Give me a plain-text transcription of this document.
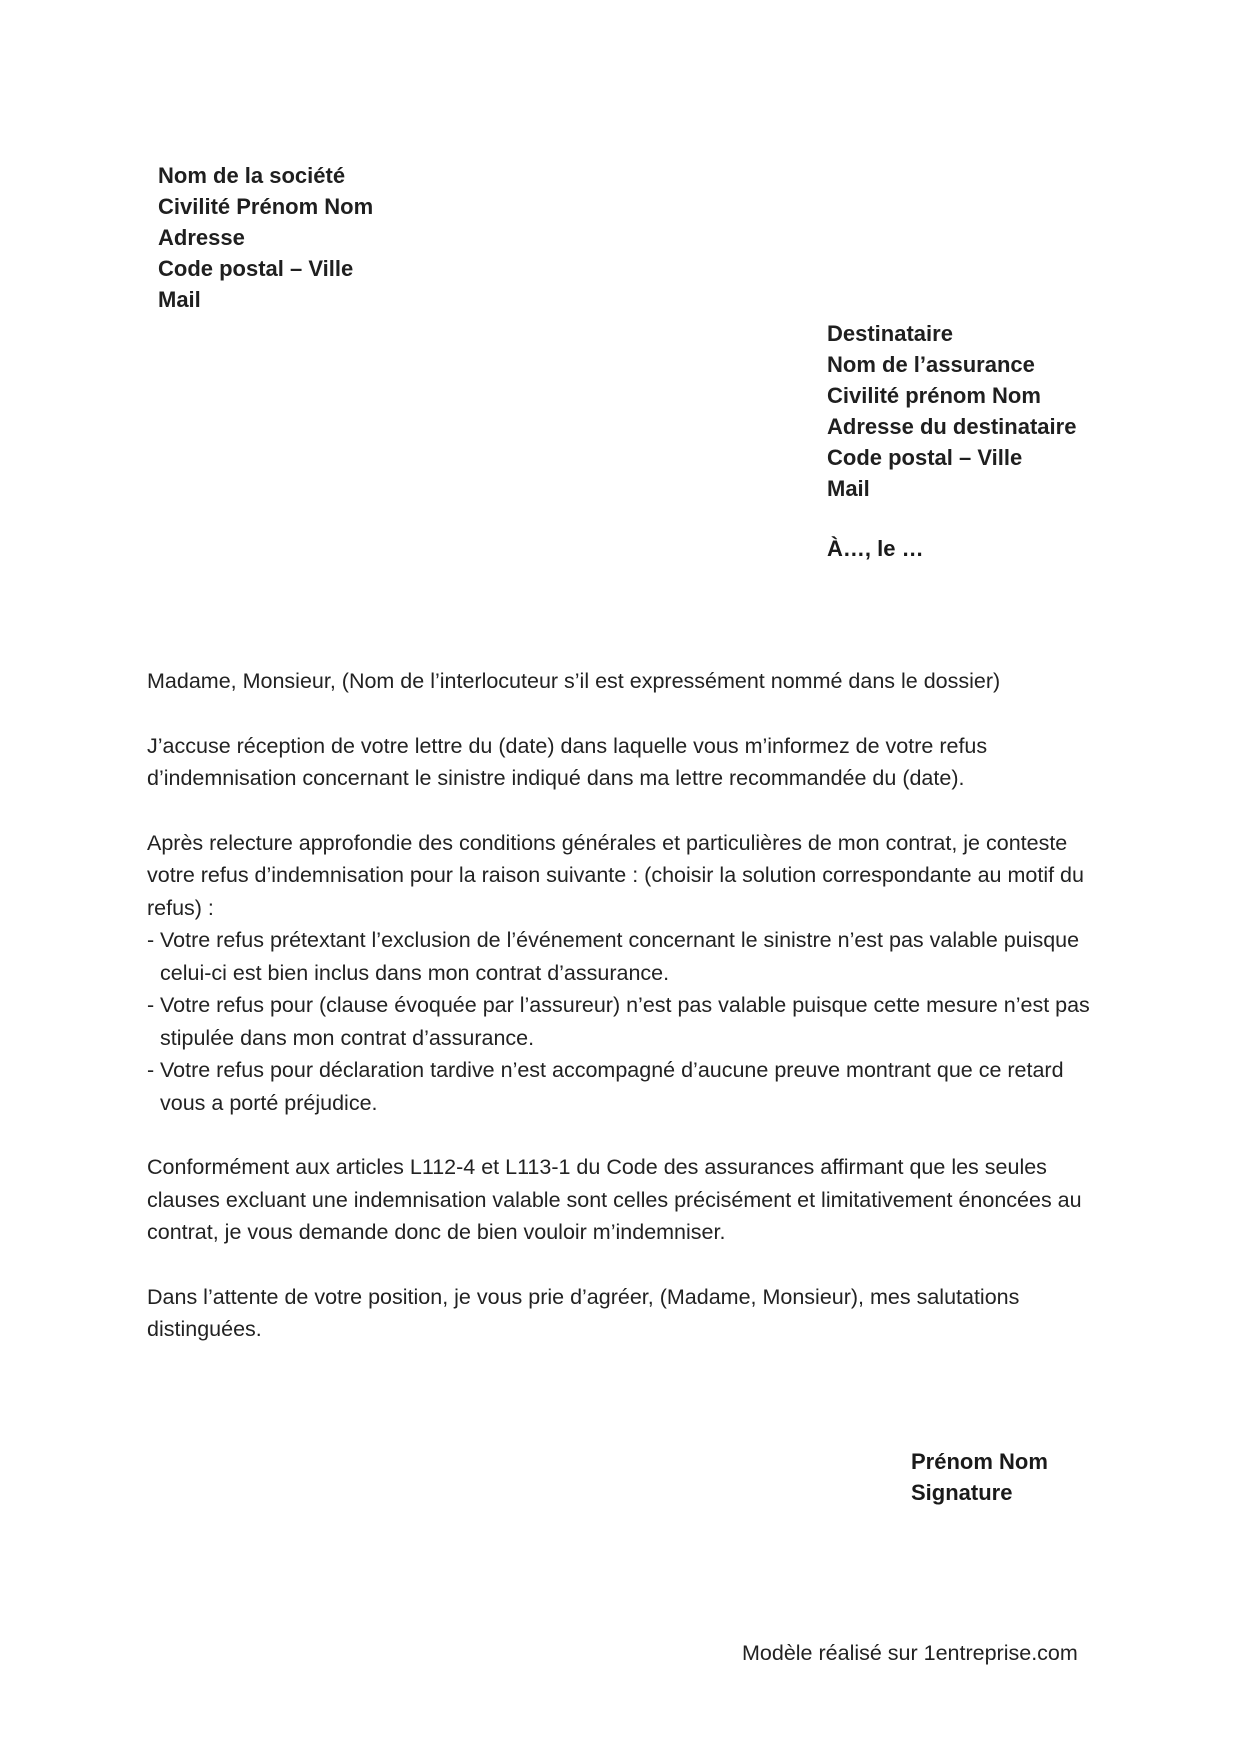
Nom de la société
Civilité Prénom Nom
Adresse
Code postal – Ville
Mail
Destinataire
Nom de l’assurance
Civilité prénom Nom
Adresse du destinataire
Code postal – Ville
Mail
À…, le …

Madame, Monsieur, (Nom de l’interlocuteur s’il est expressément nommé dans le dossier)

J’accuse réception de votre lettre du (date) dans laquelle vous m’informez de votre refus d’indemnisation concernant le sinistre indiqué dans ma lettre recommandée du (date).

Après relecture approfondie des conditions générales et particulières de mon contrat, je conteste votre refus d’indemnisation pour la raison suivante : (choisir la solution correspondante au motif du refus) :

- Votre refus prétextant l’exclusion de l’événement concernant le sinistre n’est pas valable puisque celui-ci est bien inclus dans mon contrat d’assurance.
- Votre refus pour (clause évoquée par l’assureur) n’est pas valable puisque cette mesure n’est pas stipulée dans mon contrat d’assurance.
- Votre refus pour déclaration tardive n’est accompagné d’aucune preuve montrant que ce retard vous a porté préjudice.

Conformément aux articles L112-4 et L113-1 du Code des assurances affirmant que les seules clauses excluant une indemnisation valable sont celles précisément et limitativement énoncées au contrat, je vous demande donc de bien vouloir m’indemniser.

Dans l’attente de votre position, je vous prie d’agréer, (Madame, Monsieur), mes salutations distinguées.

Prénom Nom
Signature
Modèle réalisé sur 1entreprise.com
